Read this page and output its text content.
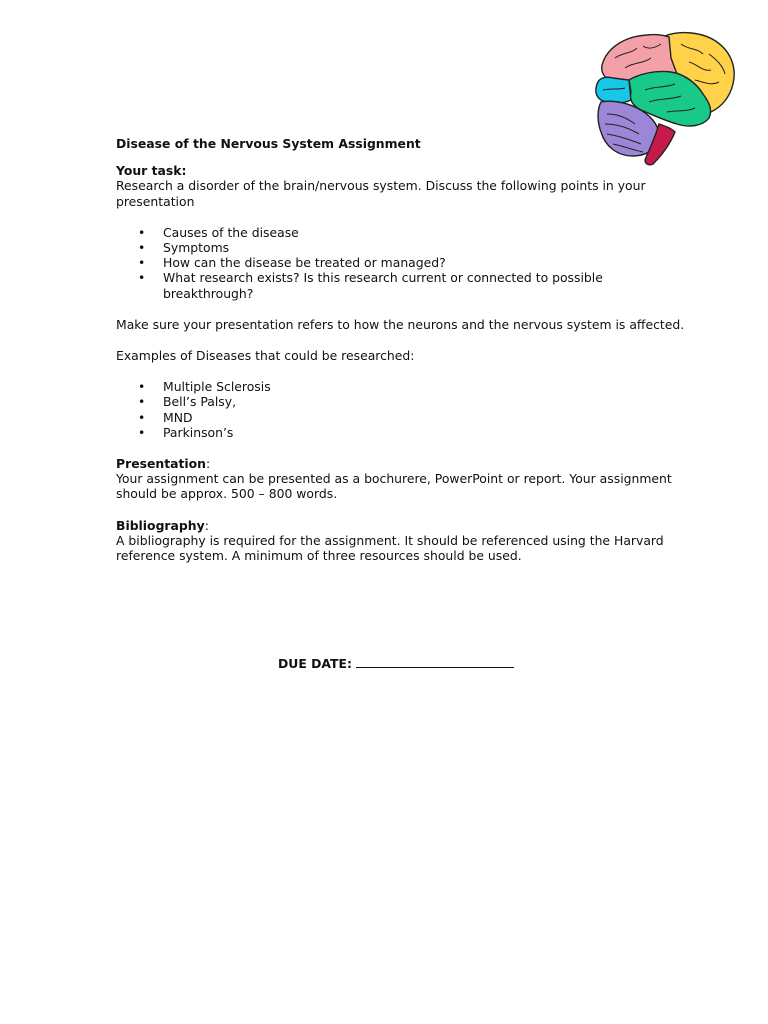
Disease of the Nervous System Assignment

Your task:

Research a disorder of the brain/nervous system. Discuss the following points in your presentation

• Causes of the disease
• Symptoms
• How can the disease be treated or managed?
• What research exists? Is this research current or connected to possible breakthrough?

Make sure your presentation refers to how the neurons and the nervous system is affected.

Examples of Diseases that could be researched:

• Multiple Sclerosis
• Bell’s Palsy,
• MND
• Parkinson’s

Presentation:

Your assignment can be presented as a bochurere, PowerPoint or report. Your assignment should be approx. 500 – 800 words.

Bibliography:

A bibliography is required for the assignment. It should be referenced using the Harvard reference system. A minimum of three resources should be used.

DUE DATE:
